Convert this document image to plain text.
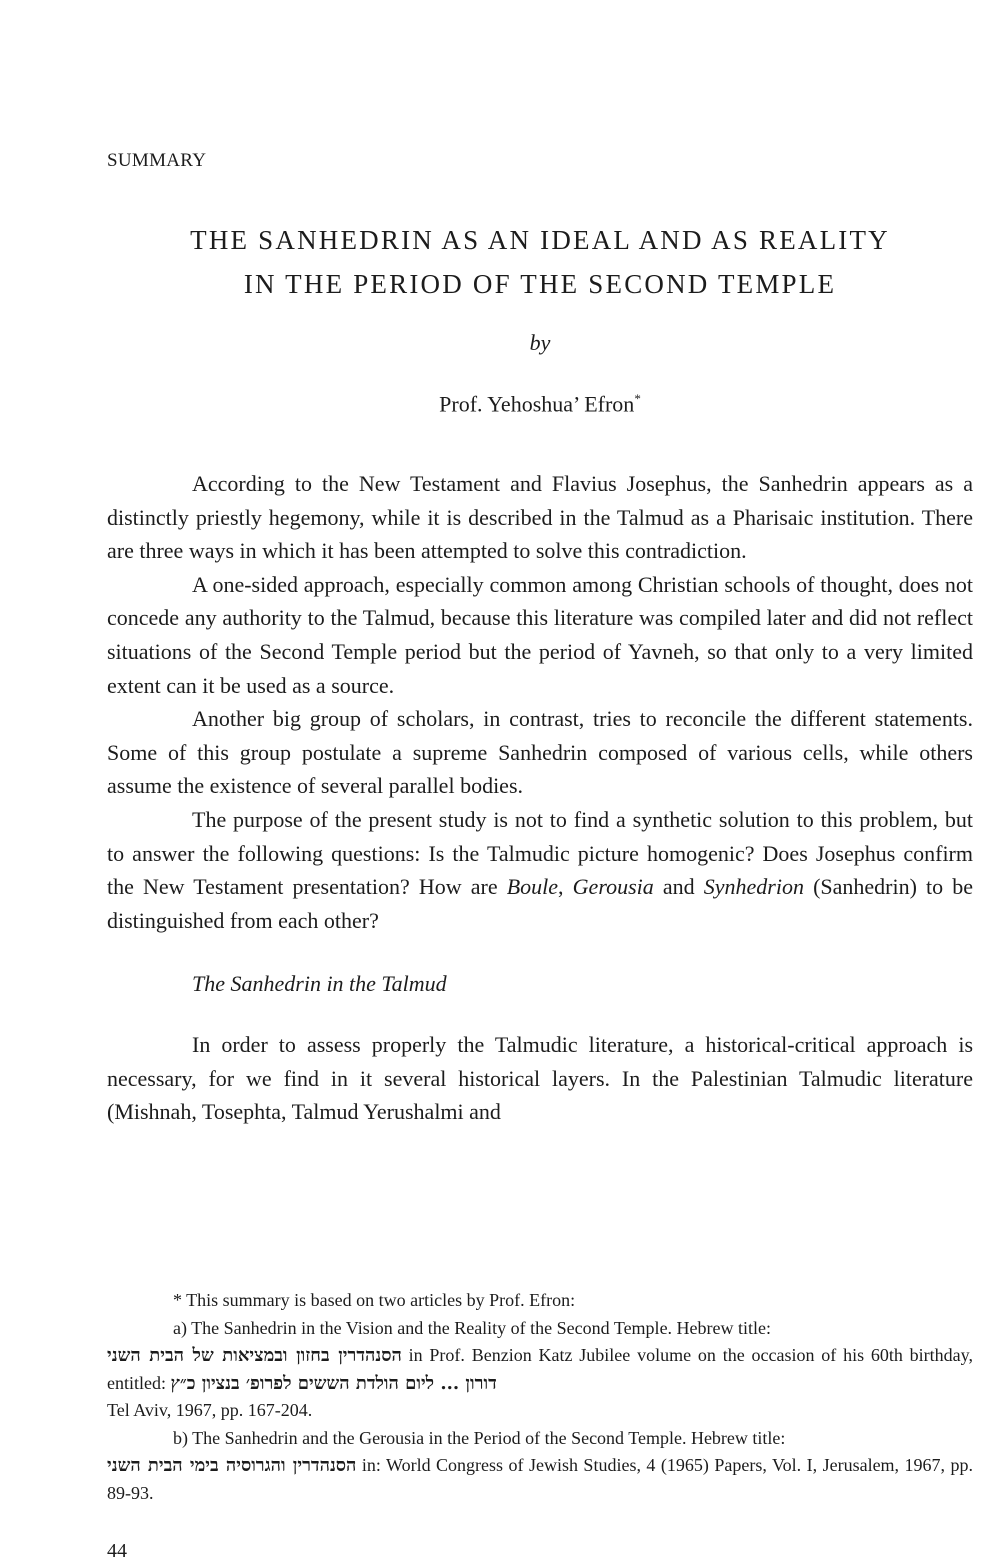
SUMMARY
THE SANHEDRIN AS AN IDEAL AND AS REALITY
IN THE PERIOD OF THE SECOND TEMPLE
by
Prof. Yehoshua’ Efron*

According to the New Testament and Flavius Josephus, the Sanhedrin appears as a distinctly priestly hegemony, while it is described in the Talmud as a Pharisaic institution. There are three ways in which it has been attempted to solve this contradiction.

A one-sided approach, especially common among Christian schools of thought, does not concede any authority to the Talmud, because this literature was compiled later and did not reflect situations of the Second Temple period but the period of Yavneh, so that only to a very limited extent can it be used as a source.

Another big group of scholars, in contrast, tries to reconcile the different statements. Some of this group postulate a supreme Sanhedrin composed of various cells, while others assume the existence of several parallel bodies.

The purpose of the present study is not to find a synthetic solution to this problem, but to answer the following questions: Is the Talmudic picture homogenic? Does Josephus confirm the New Testament presentation? How are Boule, Gerousia and Synhedrion (Sanhedrin) to be distinguished from each other?

The Sanhedrin in the Talmud

In order to assess properly the Talmudic literature, a historical-critical approach is necessary, for we find in it several historical layers. In the Palestinian Talmudic literature (Mishnah, Tosephta, Talmud Yerushalmi and

* This summary is based on two articles by Prof. Efron:

a) The Sanhedrin in the Vision and the Reality of the Second Temple. Hebrew title:

הסנהדרין בחזון ובמציאות של הבית השני in Prof. Benzion Katz Jubilee volume on the occasion of his 60th birthday, entitled: דורון ... ליום הולדת הששים לפרופ׳ בנציון כ״ץ

Tel Aviv, 1967, pp. 167-204.

b) The Sanhedrin and the Gerousia in the Period of the Second Temple. Hebrew title:

הסנהדרין והגרוסיה בימי הבית השני in: World Congress of Jewish Studies, 4 (1965) Papers, Vol. I, Jerusalem, 1967, pp. 89-93.

44
